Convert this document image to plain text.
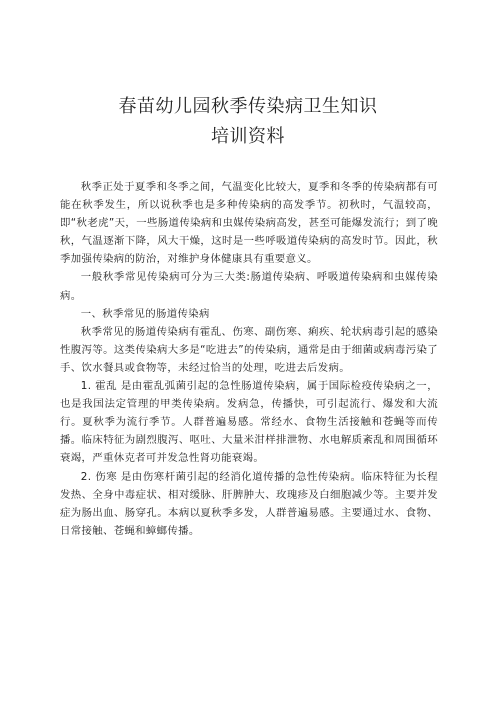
春苗幼儿园秋季传染病卫生知识
培训资料

秋季正处于夏季和冬季之间，气温变化比较大，夏季和冬季的传染病都有可能在秋季发生，所以说秋季也是多种传染病的高发季节。初秋时，气温较高，即“秋老虎”天，一些肠道传染病和虫媒传染病高发，甚至可能爆发流行；到了晚秋，气温逐渐下降，风大干燥，这时是一些呼吸道传染病的高发时节。因此，秋季加强传染病的防治，对维护身体健康具有重要意义。

一般秋季常见传染病可分为三大类:肠道传染病、呼吸道传染病和虫媒传染病。

一、秋季常见的肠道传染病

秋季常见的肠道传染病有霍乱、伤寒、副伤寒、痢疾、轮状病毒引起的感染性腹泻等。这类传染病大多是“吃进去”的传染病，通常是由于细菌或病毒污染了手、饮水餐具或食物等，未经过恰当的处理，吃进去后发病。

1. 霍乱 是由霍乱弧菌引起的急性肠道传染病，属于国际检疫传染病之一，也是我国法定管理的甲类传染病。发病急，传播快，可引起流行、爆发和大流行。夏秋季为流行季节。人群普遍易感。常经水、食物生活接触和苍蝇等而传播。临床特征为剧烈腹泻、呕吐、大量米泔样排泄物、水电解质紊乱和周围循环衰竭，严重休克者可并发急性肾功能衰竭。

2. 伤寒 是由伤寒杆菌引起的经消化道传播的急性传染病。临床特征为长程发热、全身中毒症状、相对缓脉、肝脾肿大、玫瑰疹及白细胞减少等。主要并发症为肠出血、肠穿孔。本病以夏秋季多发，人群普遍易感。主要通过水、食物、日常接触、苍蝇和蟑螂传播。
